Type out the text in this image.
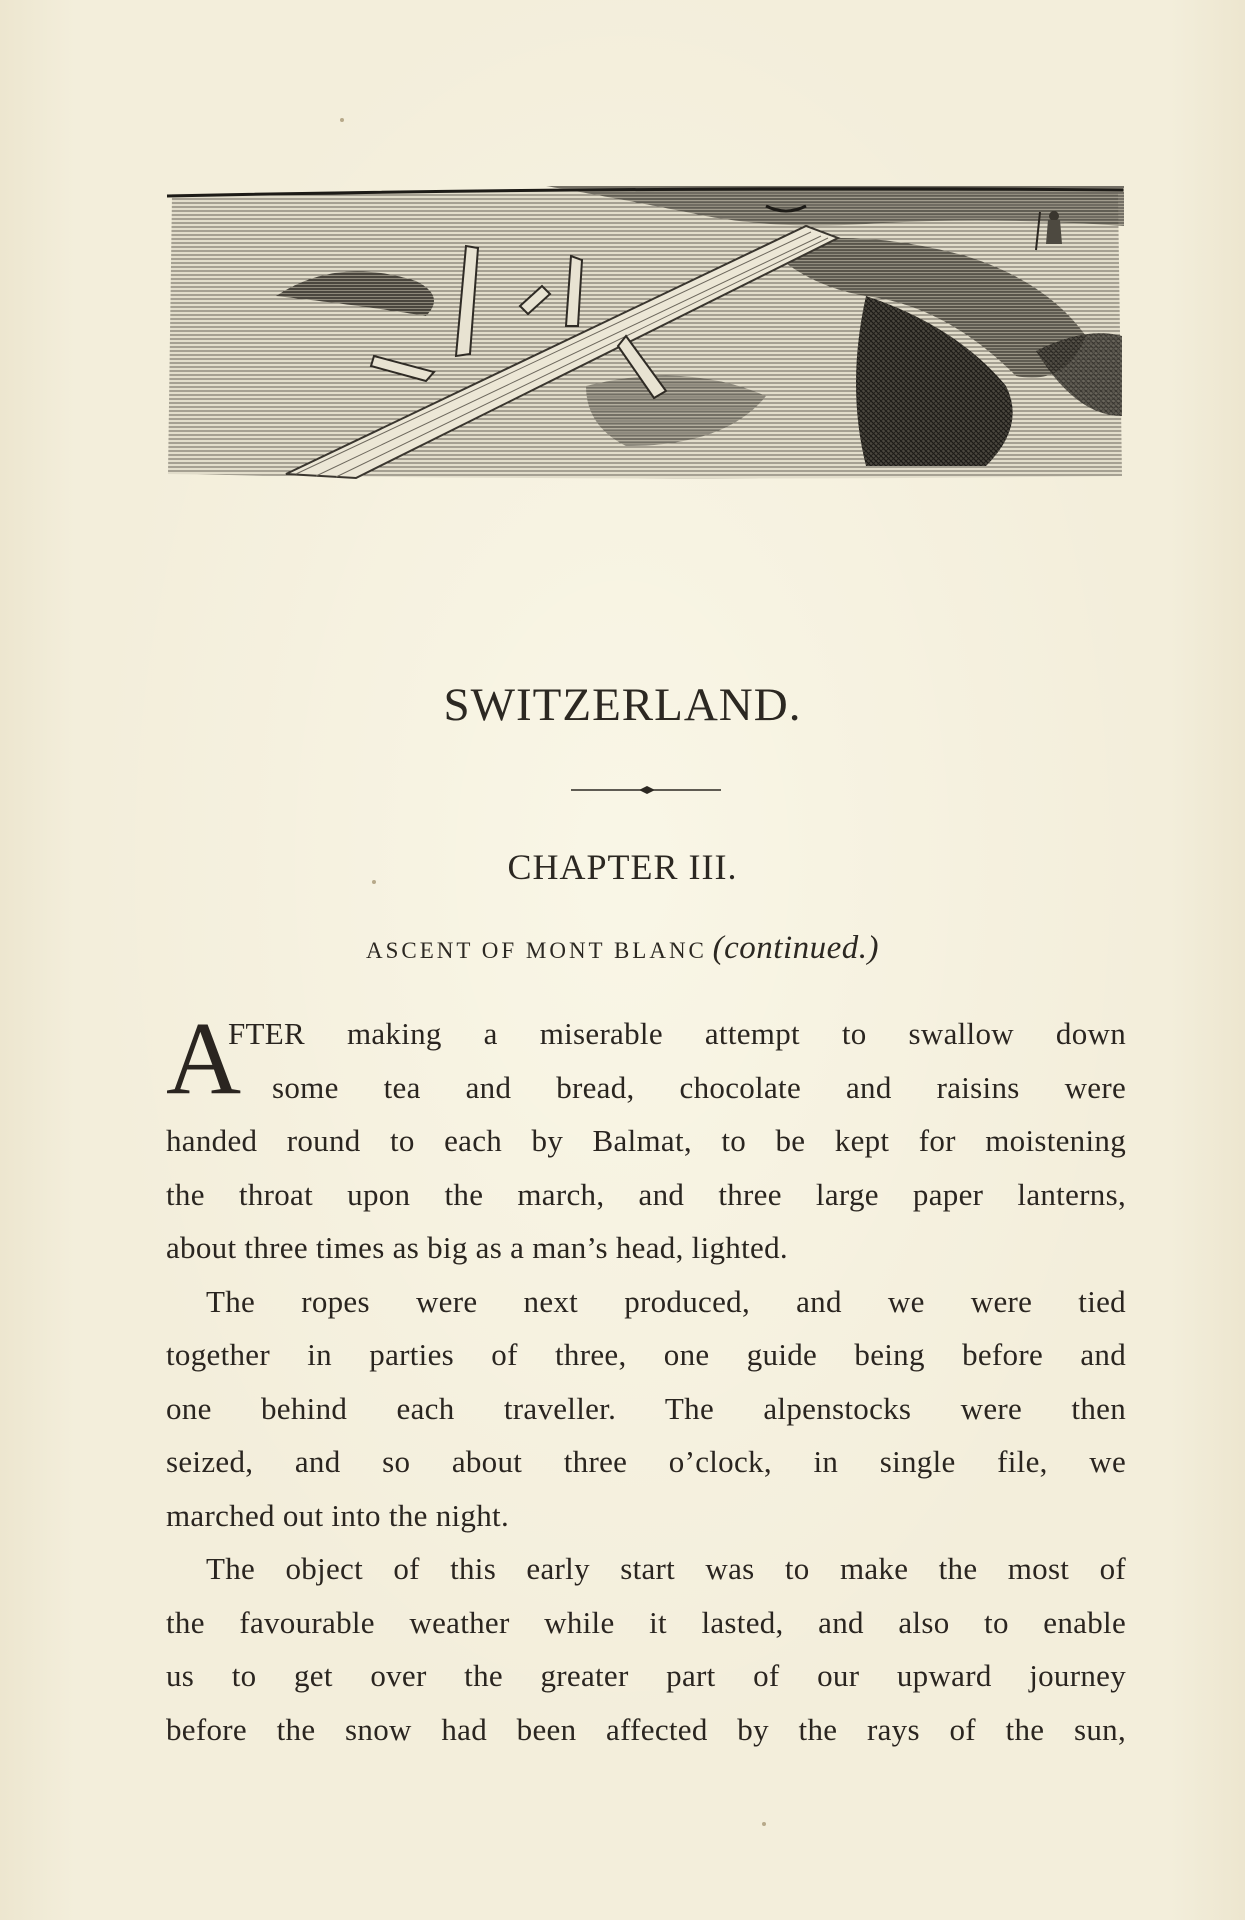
SWITZERLAND.
CHAPTER III.
ASCENT OF MONT BLANC (continued.)
A
FTER making a miserable attempt to swallow down
some tea and bread, chocolate and raisins were
handed round to each by Balmat, to be kept for moistening
the throat upon the march, and three large paper lanterns,
about three times as big as a man’s head, lighted.
The ropes were next produced, and we were tied
together in parties of three, one guide being before and
one behind each traveller. The alpenstocks were then
seized, and so about three o’clock, in single file, we
marched out into the night.
The object of this early start was to make the most of
the favourable weather while it lasted, and also to enable
us to get over the greater part of our upward journey
before the snow had been affected by the rays of the sun,
